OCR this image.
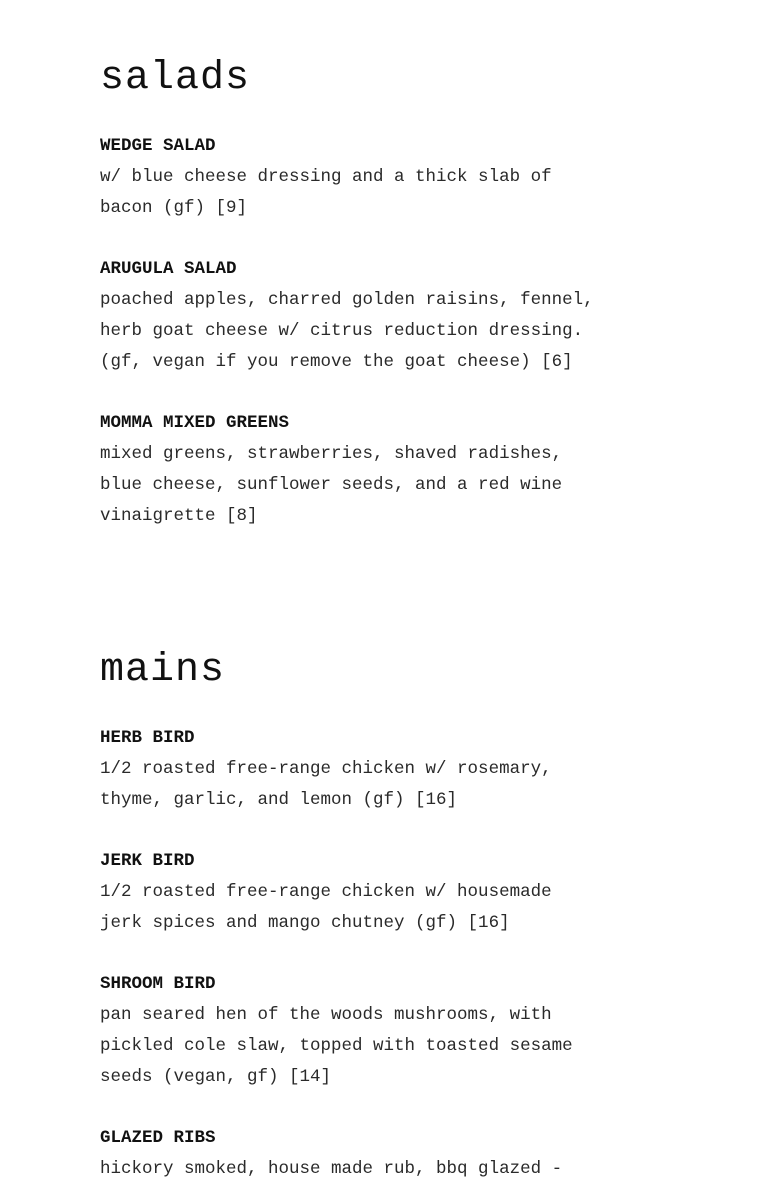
salads
WEDGE SALAD
w/ blue cheese dressing and a thick slab of
bacon (gf) [9]
ARUGULA SALAD
poached apples, charred golden raisins, fennel,
herb goat cheese w/ citrus reduction dressing.
(gf, vegan if you remove the goat cheese) [6]
MOMMA MIXED GREENS
mixed greens, strawberries, shaved radishes,
blue cheese, sunflower seeds, and a red wine
vinaigrette [8]
mains
HERB BIRD
1/2 roasted free-range chicken w/ rosemary,
thyme, garlic, and lemon (gf) [16]
JERK BIRD
1/2 roasted free-range chicken w/ housemade
jerk spices and mango chutney (gf) [16]
SHROOM BIRD
pan seared hen of the woods mushrooms, with
pickled cole slaw, topped with toasted sesame
seeds (vegan, gf) [14]
GLAZED RIBS
hickory smoked, house made rub, bbq glazed -
